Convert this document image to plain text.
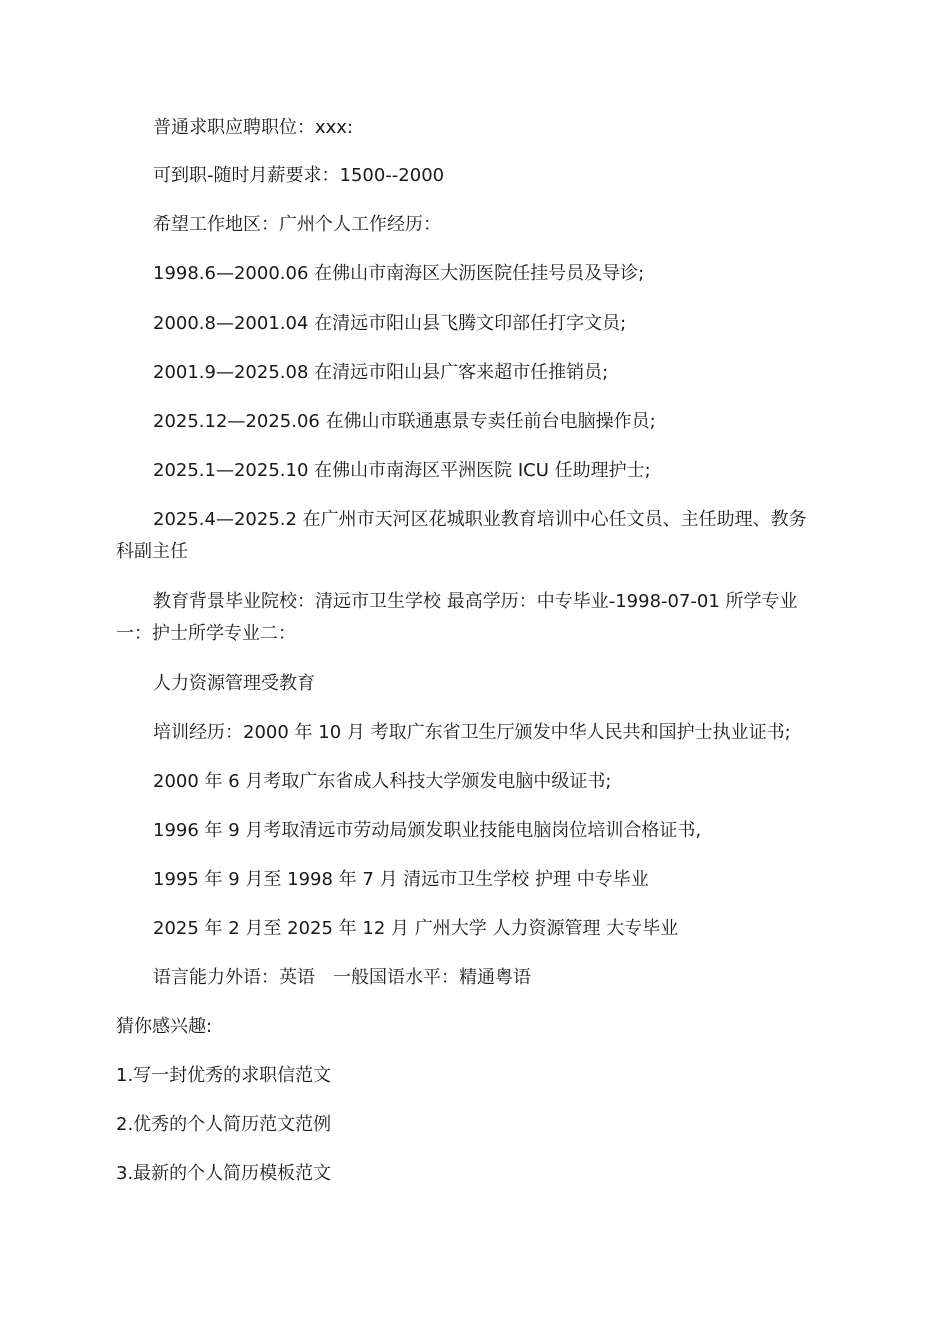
普通求职应聘职位：xxx:
可到职-随时月薪要求：1500--2000
希望工作地区：广州个人工作经历：
1998.6—2000.06 在佛山市南海区大沥医院任挂号员及导诊;
2000.8—2001.04 在清远市阳山县飞腾文印部任打字文员;
2001.9—2025.08 在清远市阳山县广客来超市任推销员;
2025.12—2025.06 在佛山市联通惠景专卖任前台电脑操作员;
2025.1—2025.10 在佛山市南海区平洲医院 ICU 任助理护士;
2025.4—2025.2 在广州市天河区花城职业教育培训中心任文员、主任助理、教务
科副主任
教育背景毕业院校：清远市卫生学校 最高学历：中专毕业-1998-07-01 所学专业
一：护士所学专业二：
人力资源管理受教育
培训经历：2000 年 10 月 考取广东省卫生厅颁发中华人民共和国护士执业证书;
2000 年 6 月考取广东省成人科技大学颁发电脑中级证书;
1996 年 9 月考取清远市劳动局颁发职业技能电脑岗位培训合格证书,
1995 年 9 月至 1998 年 7 月 清远市卫生学校 护理 中专毕业
2025 年 2 月至 2025 年 12 月 广州大学 人力资源管理 大专毕业
语言能力外语：英语　一般国语水平：精通粤语
猜你感兴趣:
1.写一封优秀的求职信范文
2.优秀的个人简历范文范例
3.最新的个人简历模板范文
